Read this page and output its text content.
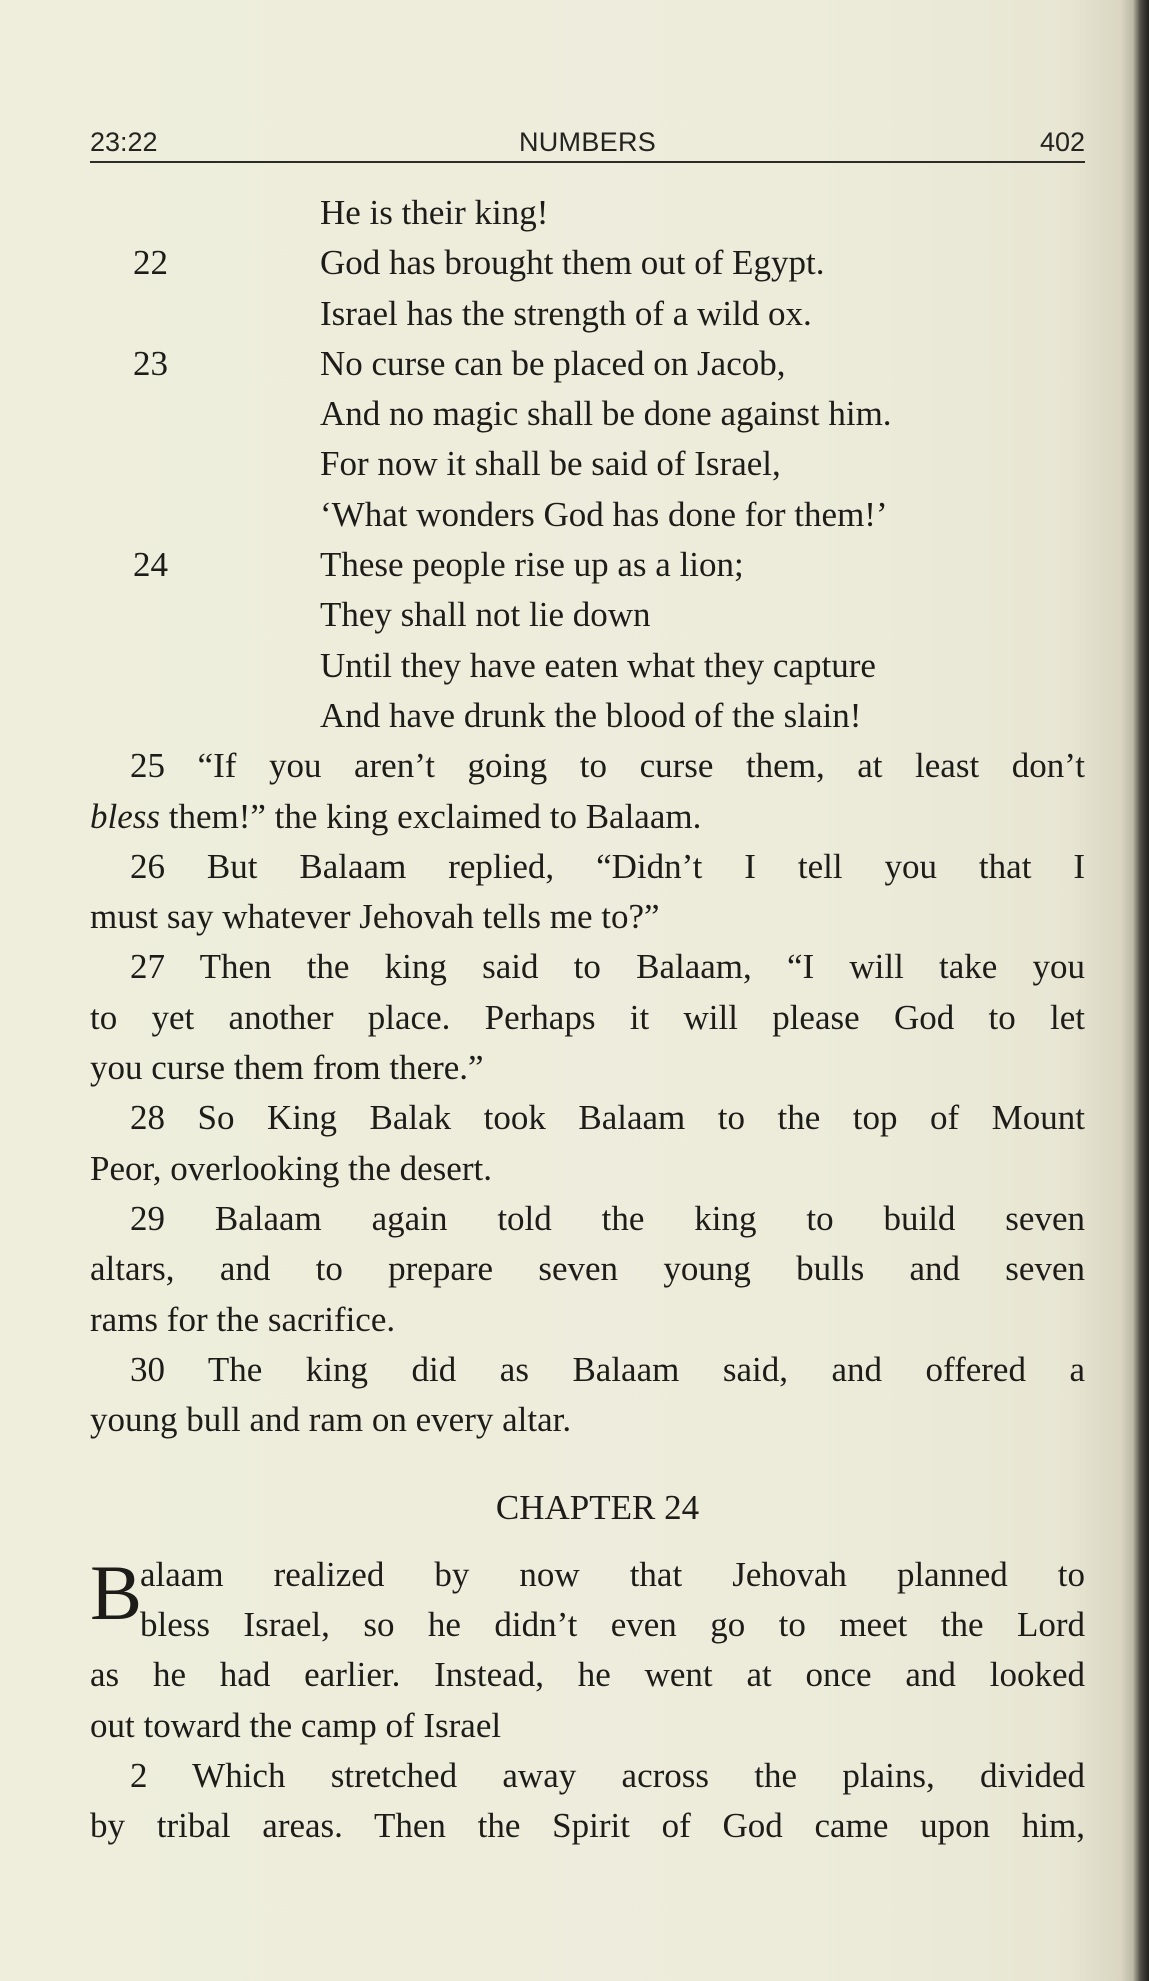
23:22	NUMBERS	402
He is their king!
22	God has brought them out of Egypt.
Israel has the strength of a wild ox.
23	No curse can be placed on Jacob,
And no magic shall be done against him.
For now it shall be said of Israel,
‘What wonders God has done for them!’
24	These people rise up as a lion;
They shall not lie down
Until they have eaten what they capture
And have drunk the blood of the slain!
25 “If you aren’t going to curse them, at least don’t
bless them!” the king exclaimed to Balaam.
26 But Balaam replied, “Didn’t I tell you that I
must say whatever Jehovah tells me to?”
27 Then the king said to Balaam, “I will take you
to yet another place. Perhaps it will please God to let
you curse them from there.”
28 So King Balak took Balaam to the top of Mount
Peor, overlooking the desert.
29 Balaam again told the king to build seven
altars, and to prepare seven young bulls and seven
rams for the sacrifice.
30 The king did as Balaam said, and offered a
young bull and ram on every altar.
CHAPTER 24
B
alaam realized by now that Jehovah planned to
bless Israel, so he didn’t even go to meet the Lord
as he had earlier. Instead, he went at once and looked
out toward the camp of Israel
2 Which stretched away across the plains, divided
by tribal areas. Then the Spirit of God came upon him,
